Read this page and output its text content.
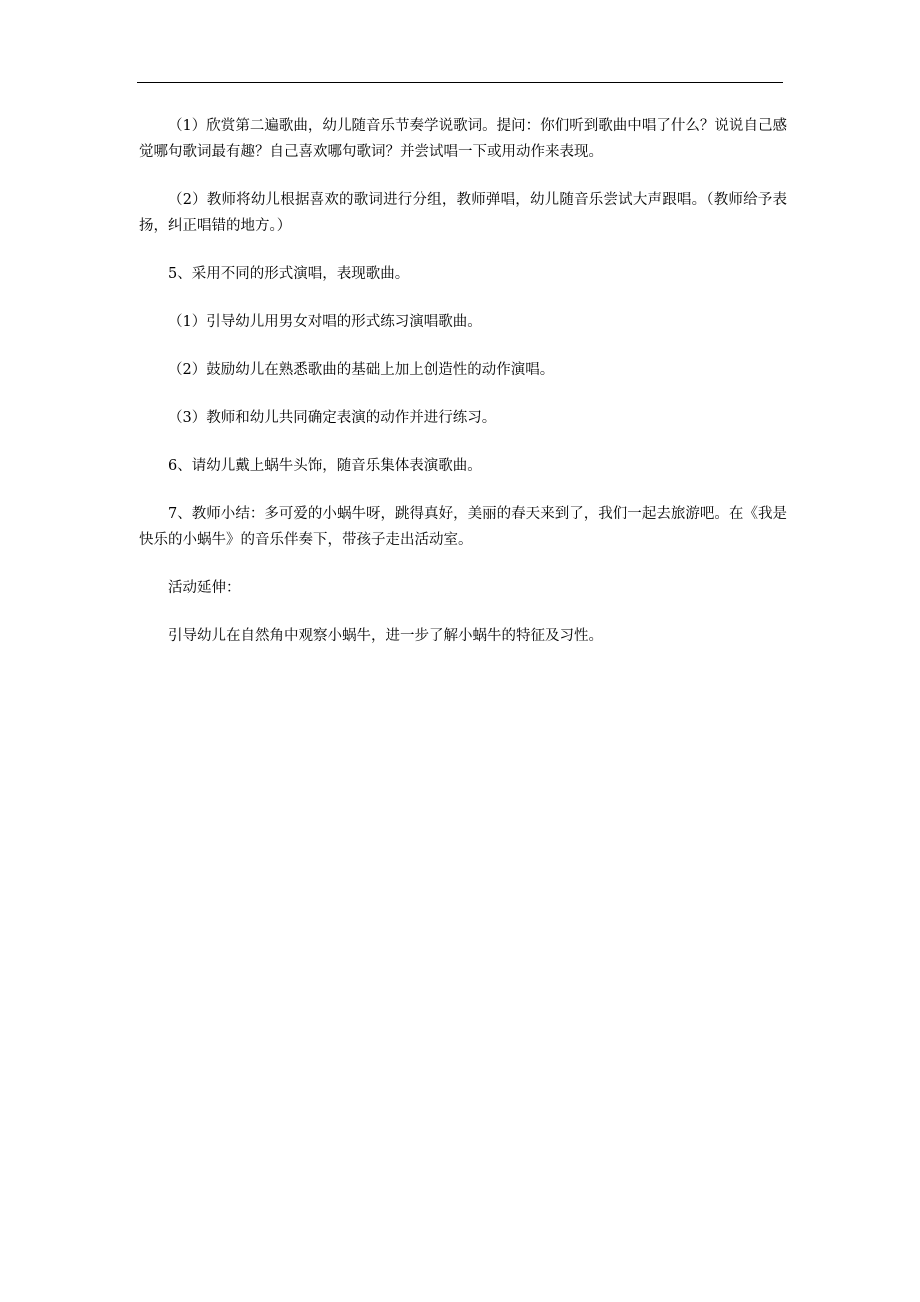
（1）欣赏第二遍歌曲，幼儿随音乐节奏学说歌词。提问：你们听到歌曲中唱了什么？说说自己感觉哪句歌词最有趣？自己喜欢哪句歌词？并尝试唱一下或用动作来表现。

（2）教师将幼儿根据喜欢的歌词进行分组，教师弹唱，幼儿随音乐尝试大声跟唱。（教师给予表扬，纠正唱错的地方。）

5、采用不同的形式演唱，表现歌曲。

（1）引导幼儿用男女对唱的形式练习演唱歌曲。

（2）鼓励幼儿在熟悉歌曲的基础上加上创造性的动作演唱。

（3）教师和幼儿共同确定表演的动作并进行练习。

6、请幼儿戴上蜗牛头饰，随音乐集体表演歌曲。

7、教师小结：多可爱的小蜗牛呀，跳得真好，美丽的春天来到了，我们一起去旅游吧。在《我是快乐的小蜗牛》的音乐伴奏下，带孩子走出活动室。

活动延伸：

引导幼儿在自然角中观察小蜗牛，进一步了解小蜗牛的特征及习性。
